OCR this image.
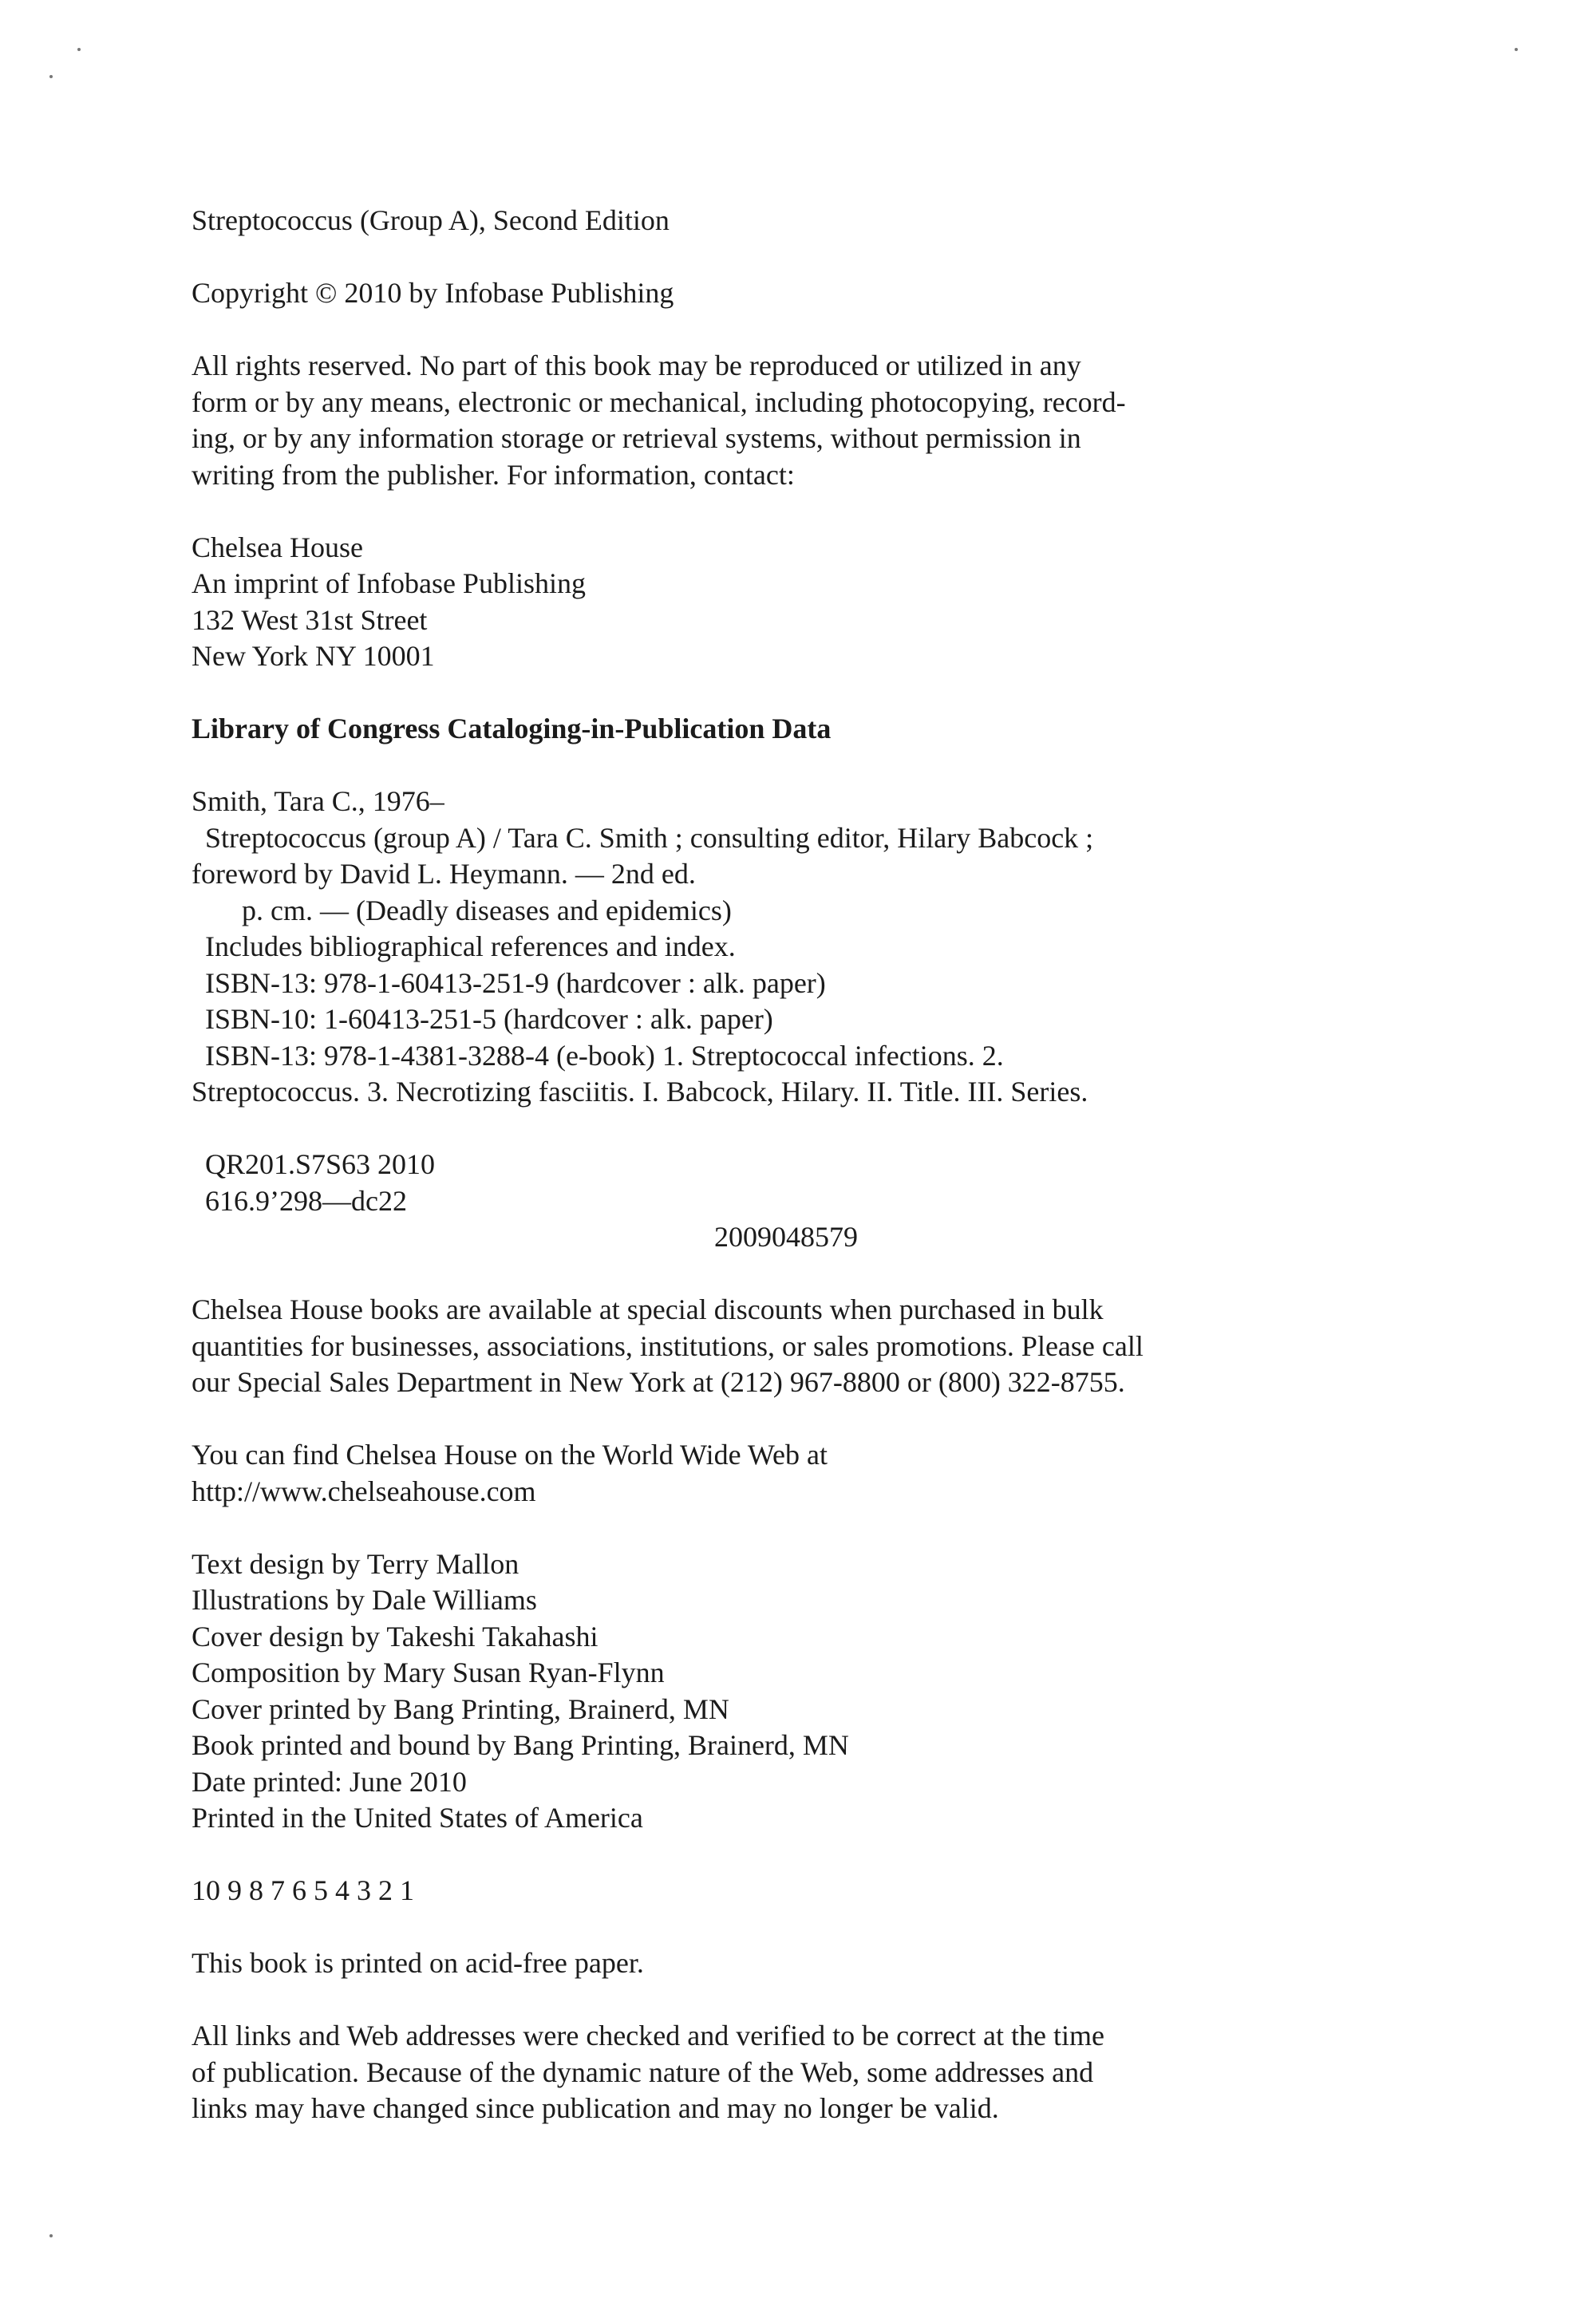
Streptococcus (Group A), Second Edition

Copyright © 2010 by Infobase Publishing

All rights reserved. No part of this book may be reproduced or utilized in any
form or by any means, electronic or mechanical, including photocopying, record-
ing, or by any information storage or retrieval systems, without permission in
writing from the publisher. For information, contact:

Chelsea House
An imprint of Infobase Publishing
132 West 31st Street
New York NY 10001

Library of Congress Cataloging-in-Publication Data

Smith, Tara C., 1976–
Streptococcus (group A) / Tara C. Smith ; consulting editor, Hilary Babcock ;
foreword by David L. Heymann. — 2nd ed.
p. cm. — (Deadly diseases and epidemics)
Includes bibliographical references and index.
ISBN-13: 978-1-60413-251-9 (hardcover : alk. paper)
ISBN-10: 1-60413-251-5 (hardcover : alk. paper)
ISBN-13: 978-1-4381-3288-4 (e-book) 1. Streptococcal infections. 2.
Streptococcus. 3. Necrotizing fasciitis. I. Babcock, Hilary. II. Title. III. Series.

QR201.S7S63 2010
616.9’298—dc22
2009048579

Chelsea House books are available at special discounts when purchased in bulk
quantities for businesses, associations, institutions, or sales promotions. Please call
our Special Sales Department in New York at (212) 967-8800 or (800) 322-8755.

You can find Chelsea House on the World Wide Web at
http://www.chelseahouse.com

Text design by Terry Mallon
Illustrations by Dale Williams
Cover design by Takeshi Takahashi
Composition by Mary Susan Ryan-Flynn
Cover printed by Bang Printing, Brainerd, MN
Book printed and bound by Bang Printing, Brainerd, MN
Date printed: June 2010
Printed in the United States of America

10 9 8 7 6 5 4 3 2 1

This book is printed on acid-free paper.

All links and Web addresses were checked and verified to be correct at the time
of publication. Because of the dynamic nature of the Web, some addresses and
links may have changed since publication and may no longer be valid.
